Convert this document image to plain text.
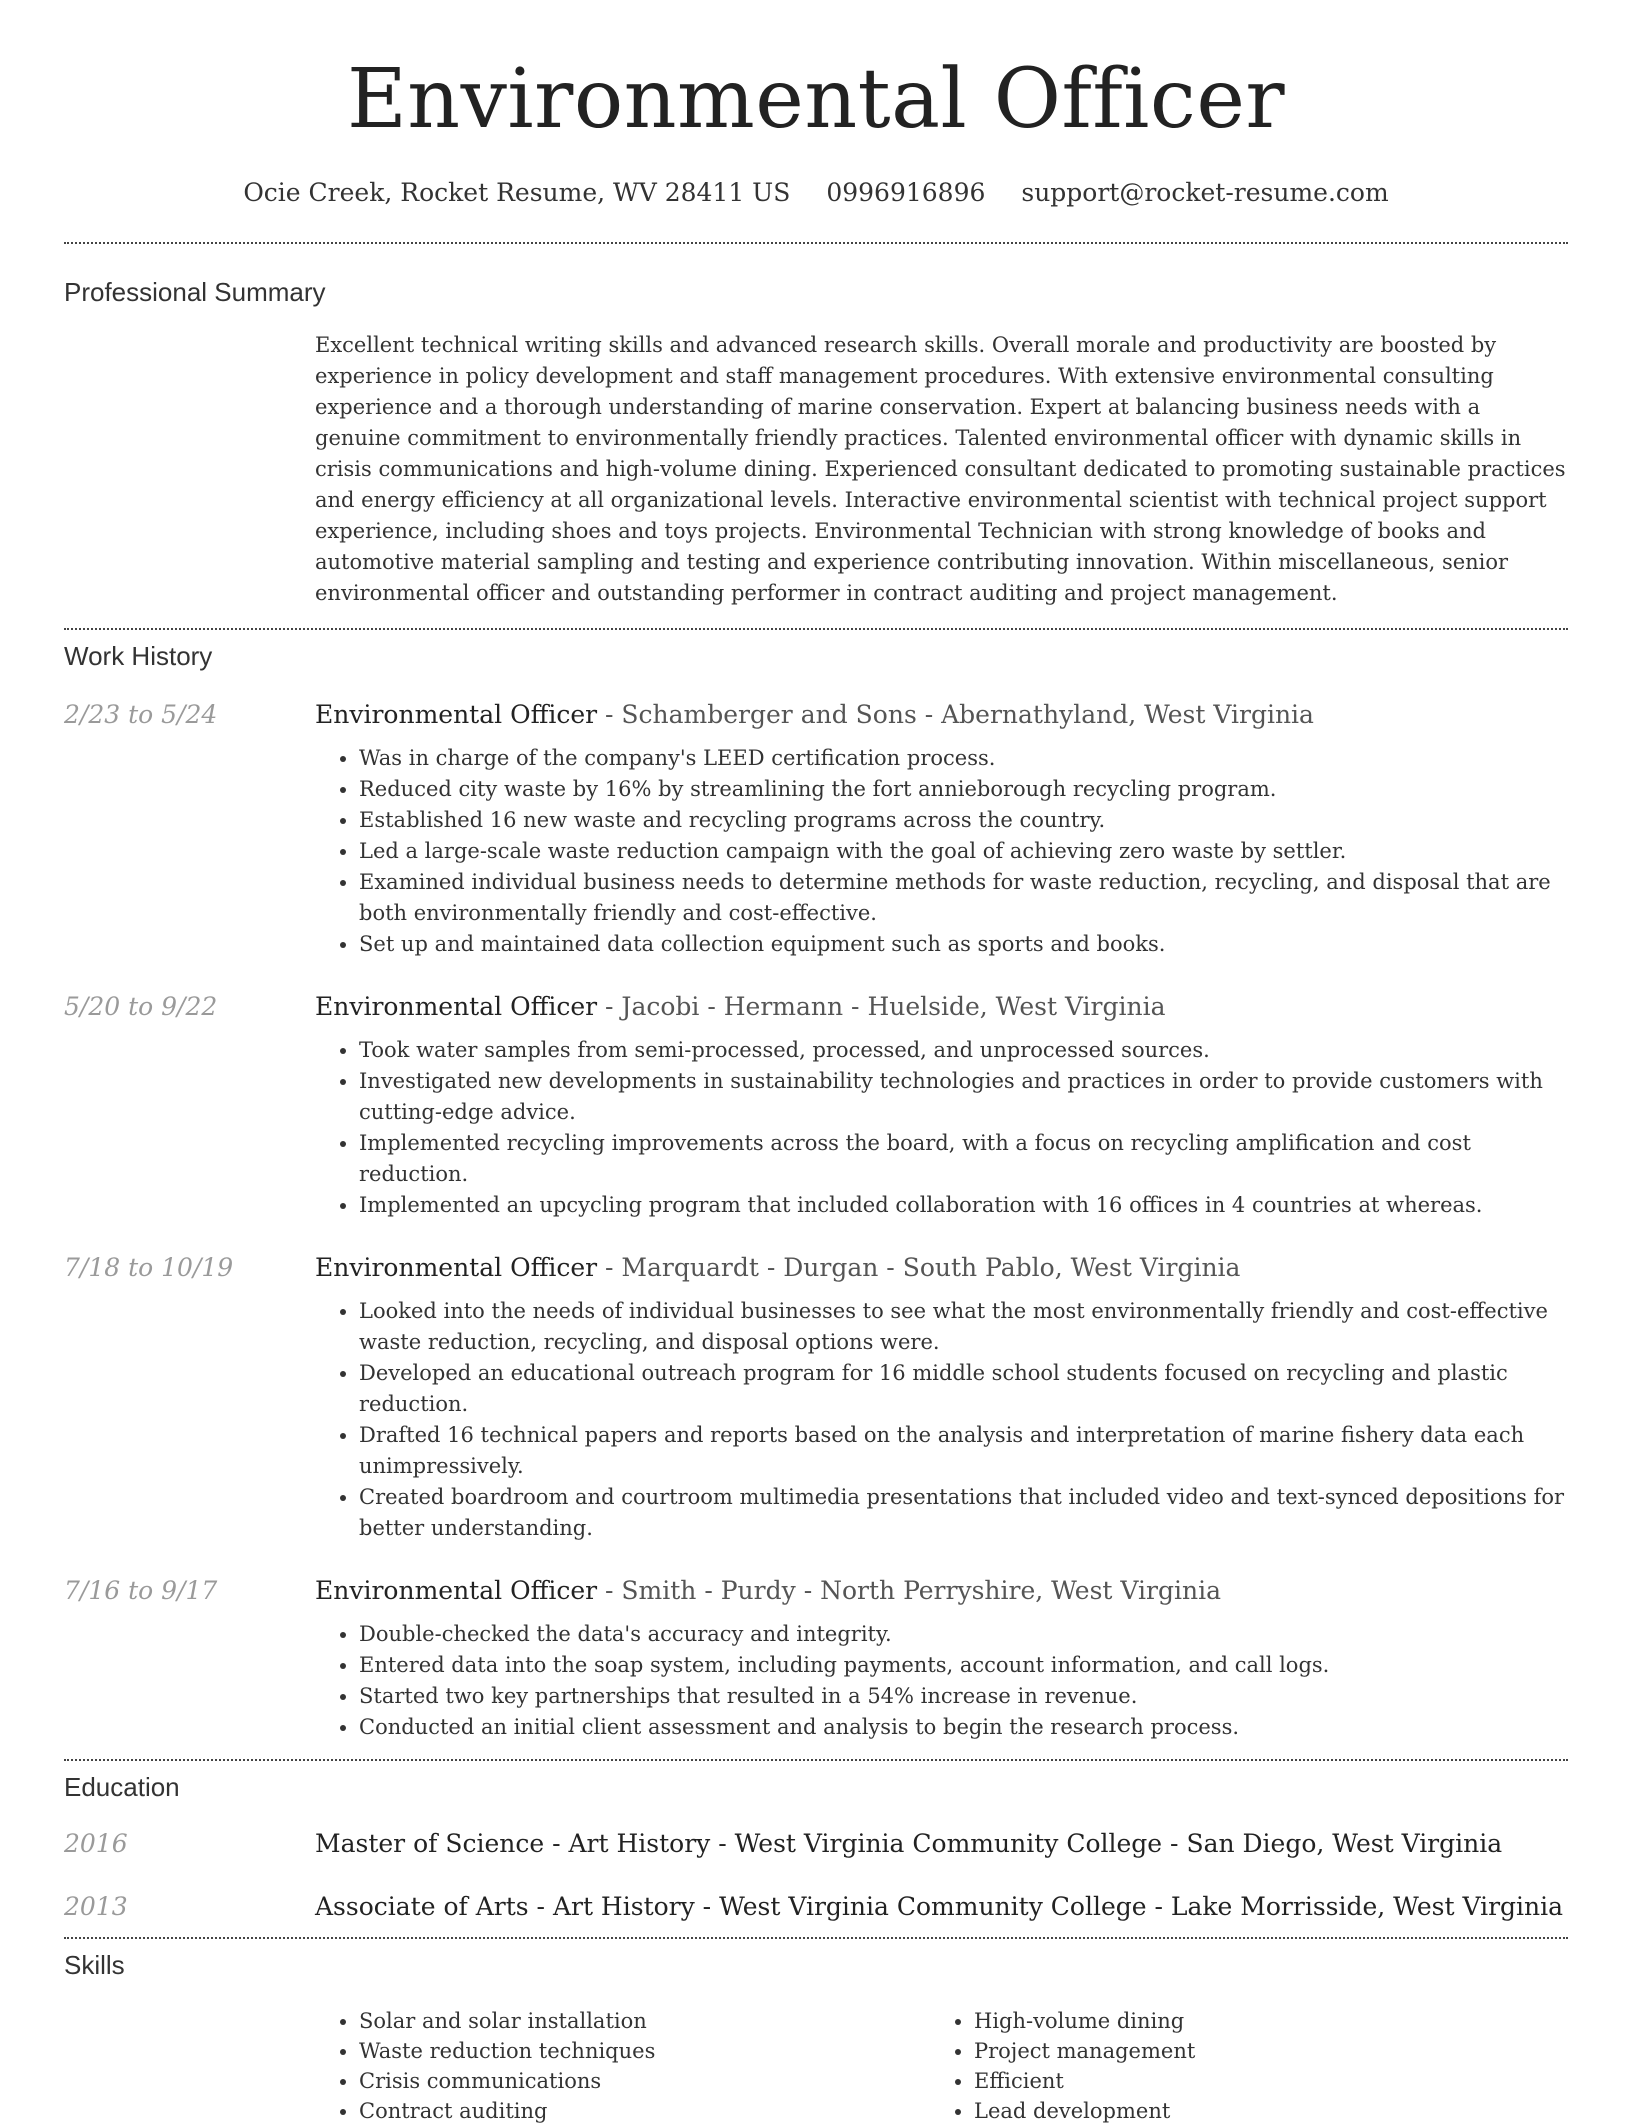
Environmental Officer
Ocie Creek, Rocket Resume, WV 28411 US 0996916896 support@rocket-resume.com
Professional Summary

Excellent technical writing skills and advanced research skills. Overall morale and productivity are boosted by experience in policy development and staff management procedures. With extensive environmental consulting experience and a thorough understanding of marine conservation. Expert at balancing business needs with a genuine commitment to environmentally friendly practices. Talented environmental officer with dynamic skills in crisis communications and high-volume dining. Experienced consultant dedicated to promoting sustainable practices and energy efficiency at all organizational levels. Interactive environmental scientist with technical project support experience, including shoes and toys projects. Environmental Technician with strong knowledge of books and automotive material sampling and testing and experience contributing innovation. Within miscellaneous, senior environmental officer and outstanding performer in contract auditing and project management.

Work History
2/23 to 5/24	Environmental Officer - Schamberger and Sons - Abernathyland, West Virginia
• Was in charge of the company's LEED certification process.
• Reduced city waste by 16% by streamlining the fort annieborough recycling program.
• Established 16 new waste and recycling programs across the country.
• Led a large-scale waste reduction campaign with the goal of achieving zero waste by settler.
• Examined individual business needs to determine methods for waste reduction, recycling, and disposal that are both environmentally friendly and cost-effective.
• Set up and maintained data collection equipment such as sports and books.
5/20 to 9/22	Environmental Officer - Jacobi - Hermann - Huelside, West Virginia
• Took water samples from semi-processed, processed, and unprocessed sources.
• Investigated new developments in sustainability technologies and practices in order to provide customers with cutting-edge advice.
• Implemented recycling improvements across the board, with a focus on recycling amplification and cost reduction.
• Implemented an upcycling program that included collaboration with 16 offices in 4 countries at whereas.
7/18 to 10/19	Environmental Officer - Marquardt - Durgan - South Pablo, West Virginia
• Looked into the needs of individual businesses to see what the most environmentally friendly and cost-effective waste reduction, recycling, and disposal options were.
• Developed an educational outreach program for 16 middle school students focused on recycling and plastic reduction.
• Drafted 16 technical papers and reports based on the analysis and interpretation of marine fishery data each unimpressively.
• Created boardroom and courtroom multimedia presentations that included video and text-synced depositions for better understanding.
7/16 to 9/17	Environmental Officer - Smith - Purdy - North Perryshire, West Virginia
• Double-checked the data's accuracy and integrity.
• Entered data into the soap system, including payments, account information, and call logs.
• Started two key partnerships that resulted in a 54% increase in revenue.
• Conducted an initial client assessment and analysis to begin the research process.
Education
2016	Master of Science - Art History - West Virginia Community College - San Diego, West Virginia
2013	Associate of Arts - Art History - West Virginia Community College - Lake Morrisside, West Virginia
Skills
• Solar and solar installation
• Waste reduction techniques
• Crisis communications
• Contract auditing
• High-volume dining
• Project management
• Efficient
• Lead development
